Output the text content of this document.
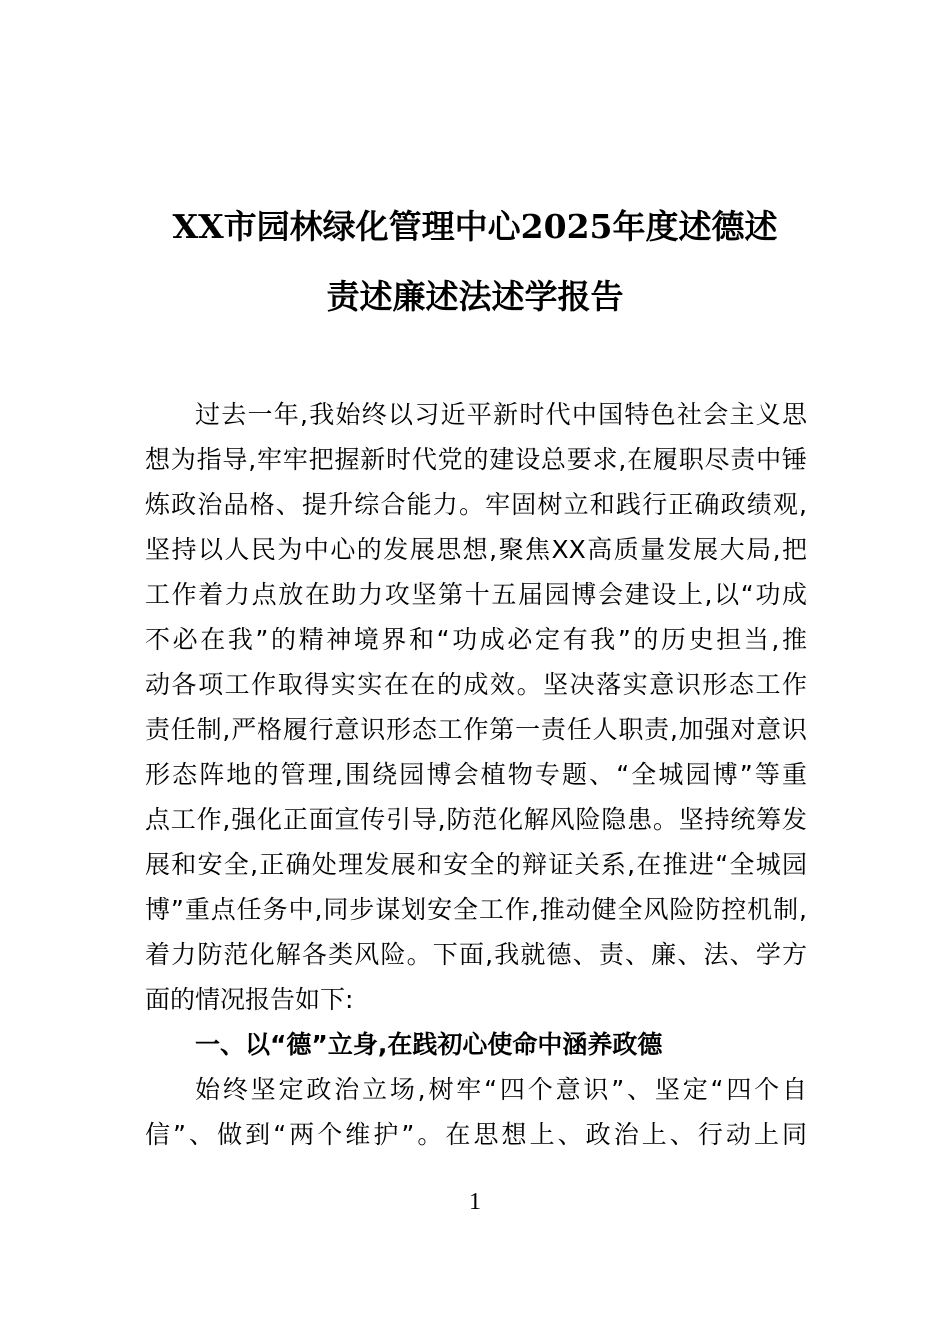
XX市园林绿化管理中心2025年度述德述
责述廉述法述学报告
过去一年,我始终以习近平新时代中国特色社会主义思
想为指导,牢牢把握新时代党的建设总要求,在履职尽责中锤
炼政治品格、提升综合能力。牢固树立和践行正确政绩观,
坚持以人民为中心的发展思想,聚焦XX高质量发展大局,把
工作着力点放在助力攻坚第十五届园博会建设上,以“功成
不必在我”的精神境界和“功成必定有我”的历史担当,推
动各项工作取得实实在在的成效。坚决落实意识形态工作
责任制,严格履行意识形态工作第一责任人职责,加强对意识
形态阵地的管理,围绕园博会植物专题、“全城园博”等重
点工作,强化正面宣传引导,防范化解风险隐患。坚持统筹发
展和安全,正确处理发展和安全的辩证关系,在推进“全城园
博”重点任务中,同步谋划安全工作,推动健全风险防控机制,
着力防范化解各类风险。下面,我就德、责、廉、法、学方
面的情况报告如下:
一、以“德”立身,在践初心使命中涵养政德
始终坚定政治立场,树牢“四个意识”、坚定“四个自
信”、做到“两个维护”。在思想上、政治上、行动上同
1
